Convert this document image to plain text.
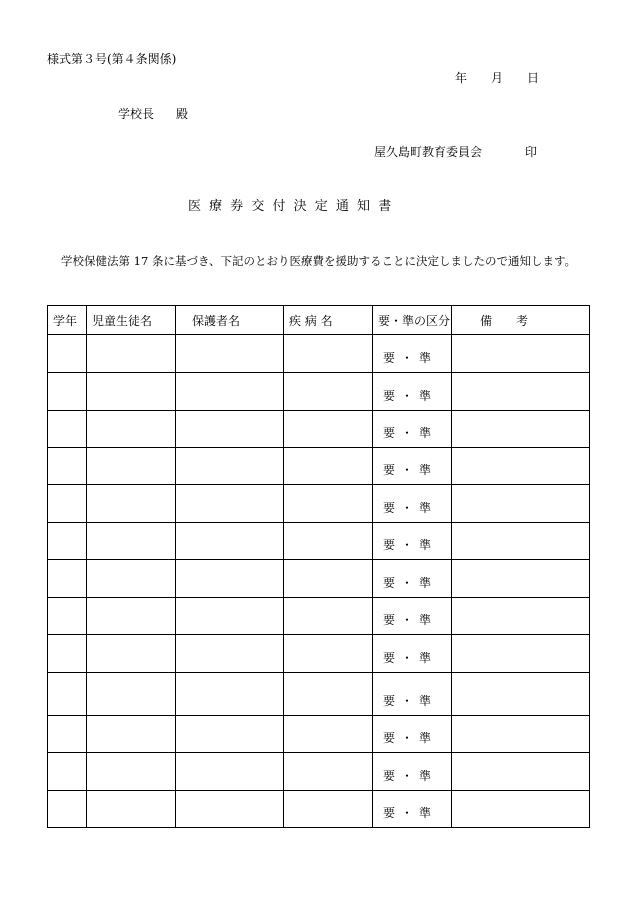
様式第３号(第４条関係)
年 月 日
学校長 殿
屋久島町教育委員会	印
医 療 券 交 付 決 定 通 知 書
学校保健法第 17 条に基づき、下記のとおり医療費を援助することに決定しましたので通知します。
学年	児童生徒名	保護者名	疾 病 名	要・準の区分	備　　考
				要 ・ 準	
				要 ・ 準	
				要 ・ 準	
				要 ・ 準	
				要 ・ 準	
				要 ・ 準	
				要 ・ 準	
				要 ・ 準	
				要 ・ 準	
				要 ・ 準	
				要 ・ 準	
				要 ・ 準	
				要 ・ 準	
